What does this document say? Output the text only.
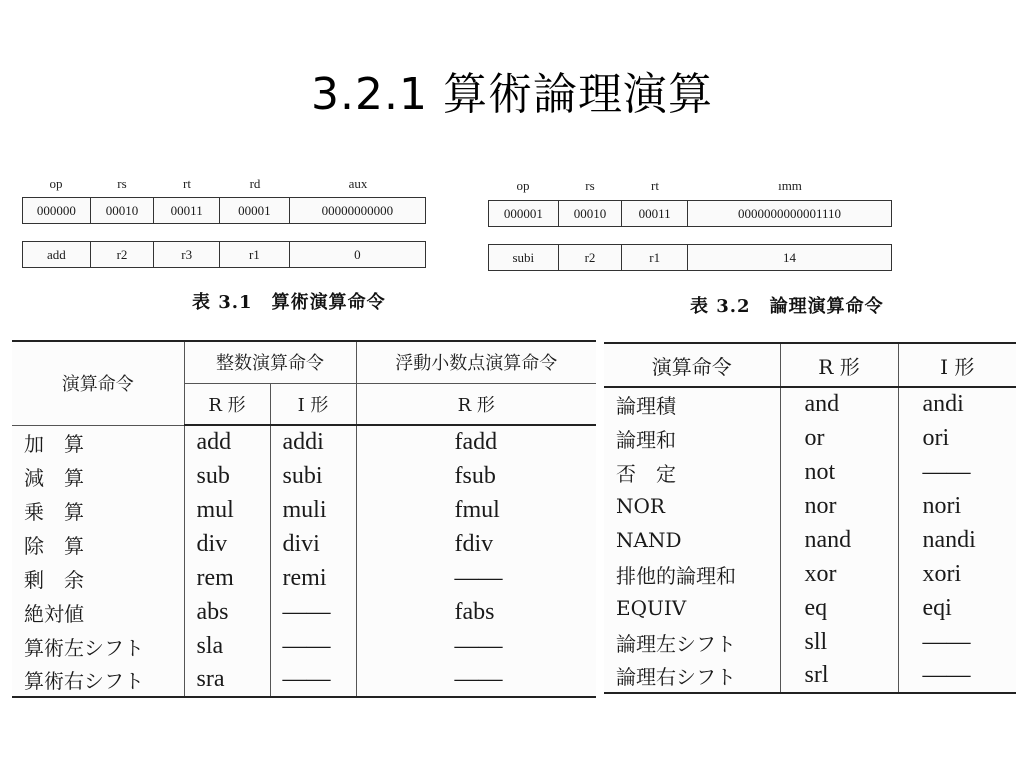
3.2.1 算術論理演算
op	rs	rt	rd	aux
000000	00010	00011	00001	00000000000
add	r2	r3	r1	0
op	rs	rt	ımm
000001	00010	00011	0000000000001110
subi	r2	r1	14
表 3.1　算術演算命令
演算命令	整数演算命令		浮動小数点演算命令
	R 形	I 形	R 形
加　算	add	addi	fadd
減　算	sub	subi	fsub
乗　算	mul	muli	fmul
除　算	div	divi	fdiv
剰　余	rem	remi	——
絶対値	abs	——	fabs
算術左シフト	sla	——	——
算術右シフト	sra	——	——
表 3.2　論理演算命令
演算命令	R 形	I 形
論理積	and	andi
論理和	or	ori
否　定	not	——
NOR	nor	nori
NAND	nand	nandi
排他的論理和	xor	xori
EQUIV	eq	eqi
論理左シフト	sll	——
論理右シフト	srl	——
